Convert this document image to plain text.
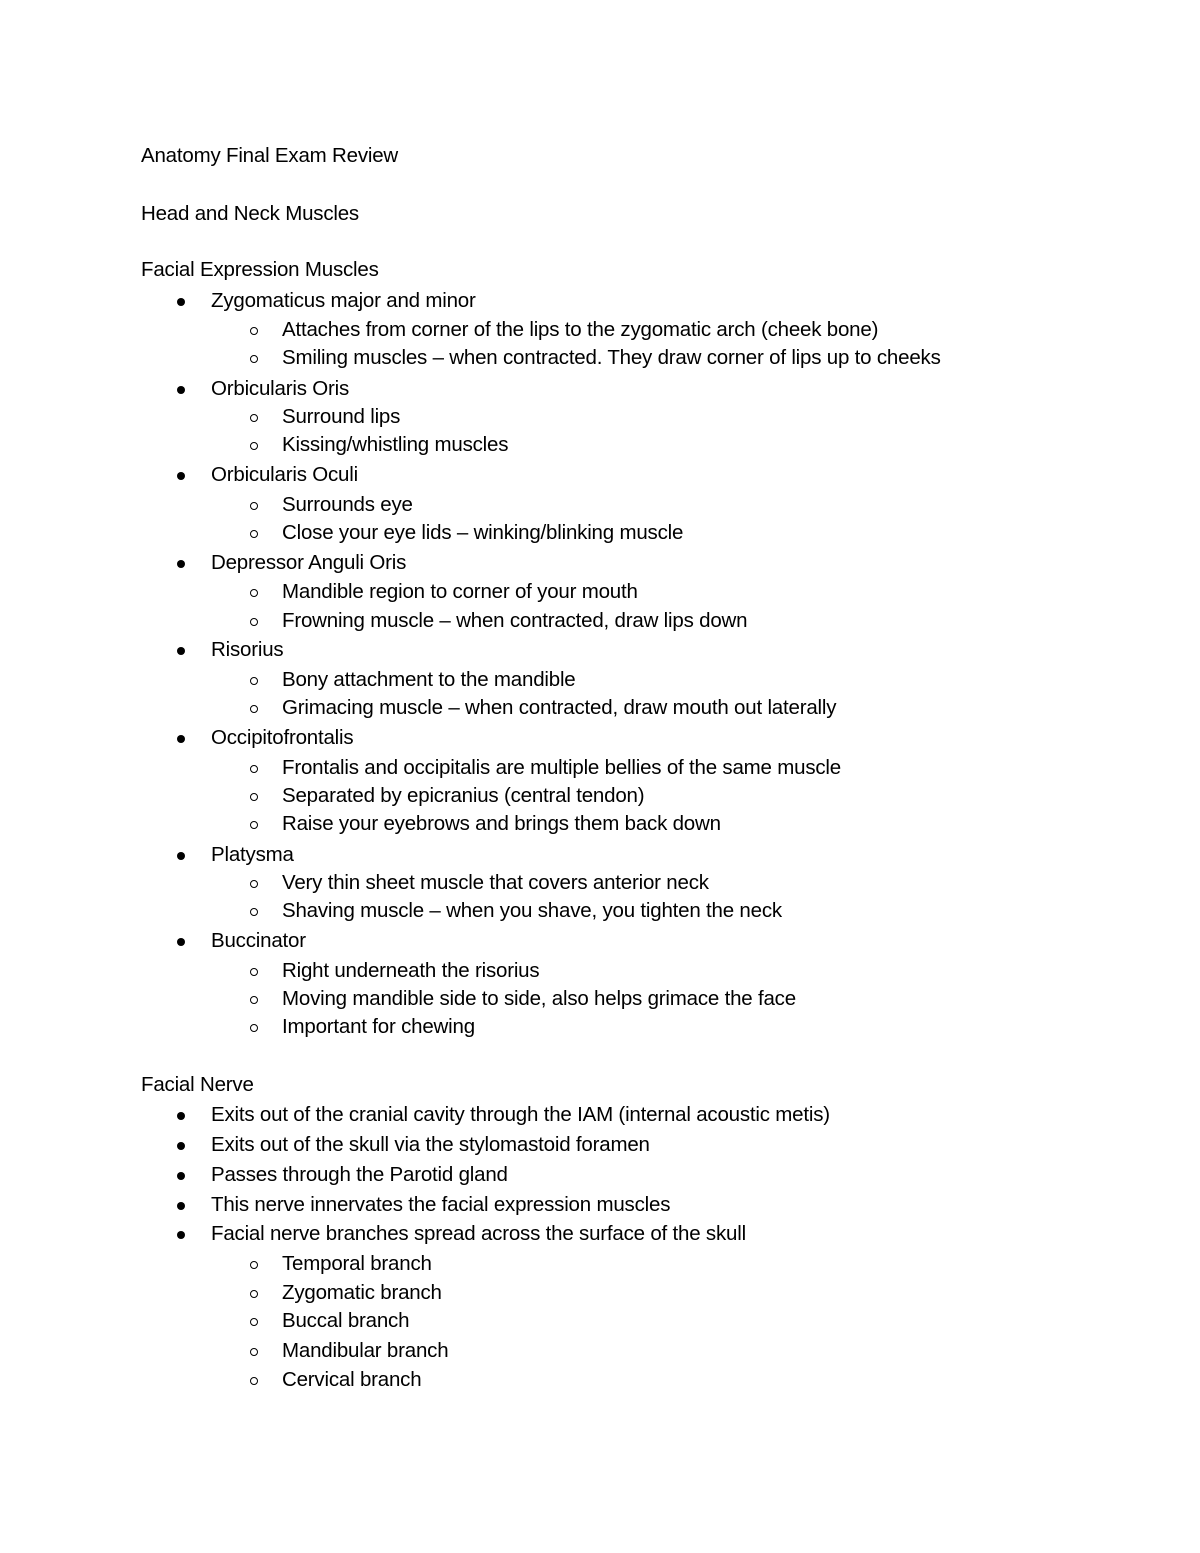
Anatomy Final Exam Review
Head and Neck Muscles
Facial Expression Muscles
Zygomaticus major and minor
Attaches from corner of the lips to the zygomatic arch (cheek bone)
Smiling muscles – when contracted. They draw corner of lips up to cheeks
Orbicularis Oris
Surround lips
Kissing/whistling muscles
Orbicularis Oculi
Surrounds eye
Close your eye lids – winking/blinking muscle
Depressor Anguli Oris
Mandible region to corner of your mouth
Frowning muscle – when contracted, draw lips down
Risorius
Bony attachment to the mandible
Grimacing muscle – when contracted, draw mouth out laterally
Occipitofrontalis
Frontalis and occipitalis are multiple bellies of the same muscle
Separated by epicranius (central tendon)
Raise your eyebrows and brings them back down
Platysma
Very thin sheet muscle that covers anterior neck
Shaving muscle – when you shave, you tighten the neck
Buccinator
Right underneath the risorius
Moving mandible side to side, also helps grimace the face
Important for chewing
Facial Nerve
Exits out of the cranial cavity through the IAM (internal acoustic metis)
Exits out of the skull via the stylomastoid foramen
Passes through the Parotid gland
This nerve innervates the facial expression muscles
Facial nerve branches spread across the surface of the skull
Temporal branch
Zygomatic branch
Buccal branch
Mandibular branch
Cervical branch
